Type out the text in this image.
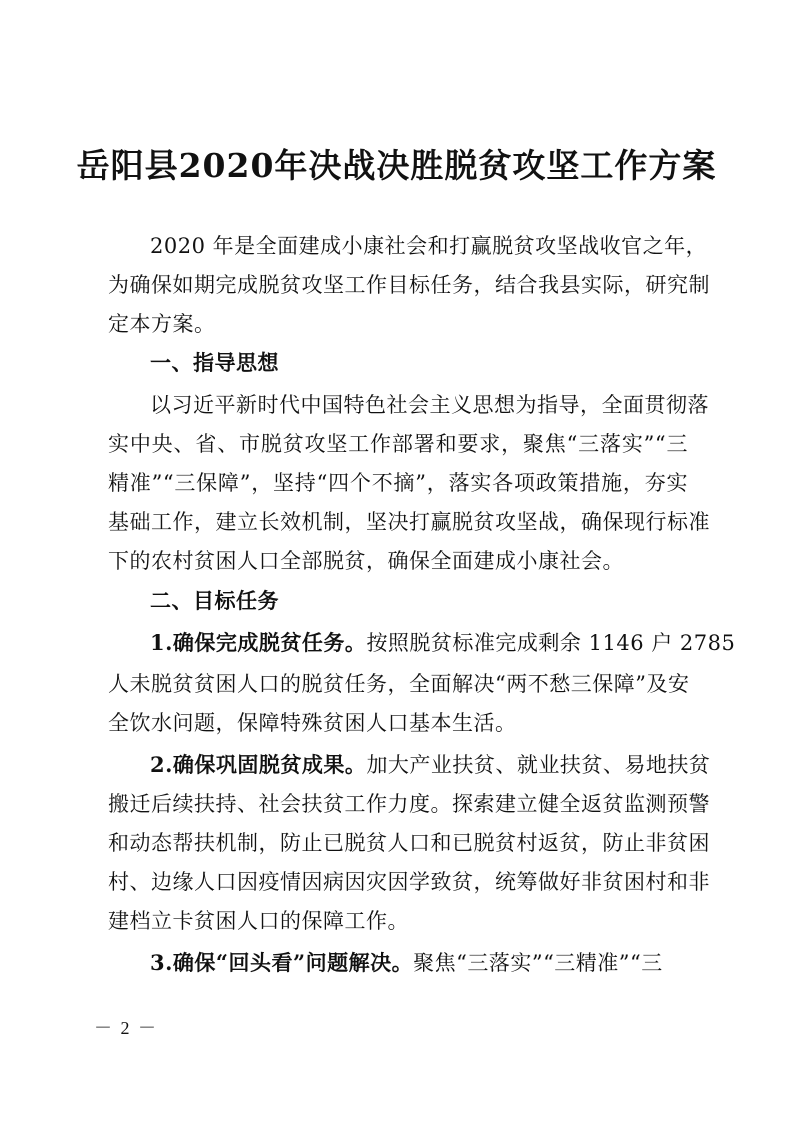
岳阳县2020年决战决胜脱贫攻坚工作方案
2020 年是全面建成小康社会和打赢脱贫攻坚战收官之年，
为确保如期完成脱贫攻坚工作目标任务，结合我县实际，研究制
定本方案。
一、指导思想
以习近平新时代中国特色社会主义思想为指导，全面贯彻落
实中央、省、市脱贫攻坚工作部署和要求，聚焦“三落实”“三
精准”“三保障”，坚持“四个不摘”，落实各项政策措施，夯实
基础工作，建立长效机制，坚决打赢脱贫攻坚战，确保现行标准
下的农村贫困人口全部脱贫，确保全面建成小康社会。
二、目标任务
1.确保完成脱贫任务。按照脱贫标准完成剩余 1146 户 2785
人未脱贫贫困人口的脱贫任务，全面解决“两不愁三保障”及安
全饮水问题，保障特殊贫困人口基本生活。
2.确保巩固脱贫成果。加大产业扶贫、就业扶贫、易地扶贫
搬迁后续扶持、社会扶贫工作力度。探索建立健全返贫监测预警
和动态帮扶机制，防止已脱贫人口和已脱贫村返贫，防止非贫困
村、边缘人口因疫情因病因灾因学致贫，统筹做好非贫困村和非
建档立卡贫困人口的保障工作。
3.确保“回头看”问题解决。聚焦“三落实”“三精准”“三
－ 2 －
